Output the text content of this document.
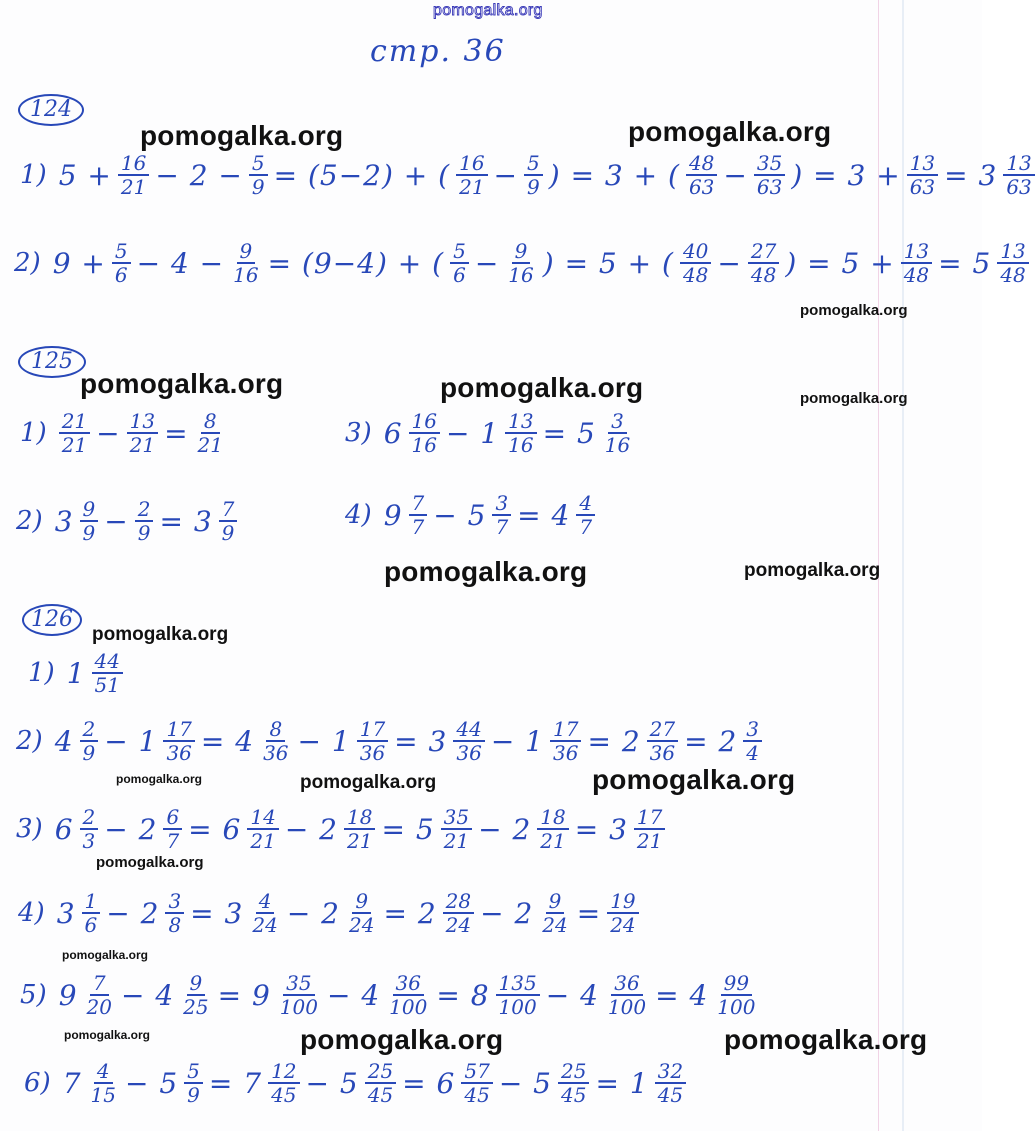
pomogalka.org
стр. 36
124
1) $5 + \frac{16}{21} - 2 - \frac{5}{9} = (5-2)$ + ( 16
$21 - \frac{5}{9}$ ) = 3 + ( 48
$63 - \frac{35}{63}$ ) = $3 + \frac{13}{63} = 3$ 13
63
2) $9 + \frac{5}{6} - 4 - \frac{9}{16} = (9-4)$ + ( 5
$6 - \frac{9}{16}$ ) = 5 + ( 40
$48 - \frac{27}{48}$ ) = $5 + \frac{13}{48} = 5$ 13
48
125
1) 21
$21 - \frac{13}{21} = \frac{8}{21}$	3) 6 16
$16 - 1 \frac{13}{16} = 5$ 3
16
2) 3 9
$9 - \frac{2}{9} = 3$ 7
9
4) 9 7
$7 - 5 \frac{3}{7} = 4$ 4
7
126
1) 1 44
51
2) 4 2
$9 - 1 \frac{17}{36} = 4$ 8
$36 - 1 \frac{17}{36} = 3$ 44
$36 - 1 \frac{17}{36} = 2 \frac{27}{36} = 2$ 3
4
3) 6 2
$3 - 2 \frac{6}{7} = 6$ 14
$21 - 2 \frac{18}{21} = 5$ 35
$21 - 2 \frac{18}{21} = 3$ 17
21
4) 3 1
$6 - 2 \frac{3}{8} = 3$ 4
$24 - 2 \frac{9}{24} = 2$ 28
$24 - 2 \frac{9}{24} = \frac{19}{24}$
5) 9 7
$20 - 4 \frac{9}{25} = 9$ 35
$100 - 4 \frac{36}{100} = 8$ 135
$100 - 4 \frac{36}{100} = 4$ 99
100
6) 7 4
$15 - 5 \frac{5}{9} = 7$ 12
$45 - 5 \frac{25}{45} = 6$ 57
$45 - 5 \frac{25}{45} = 1$ 32
45
pomogalka.org	pomogalka.org
pomogalka.org
pomogalka.org	pomogalka.org	pomogalka.org
pomogalka.org	pomogalka.org
pomogalka.org
pomogalka.org	pomogalka.org	pomogalka.org
pomogalka.org
pomogalka.org
pomogalka.org	pomogalka.org	pomogalka.org
